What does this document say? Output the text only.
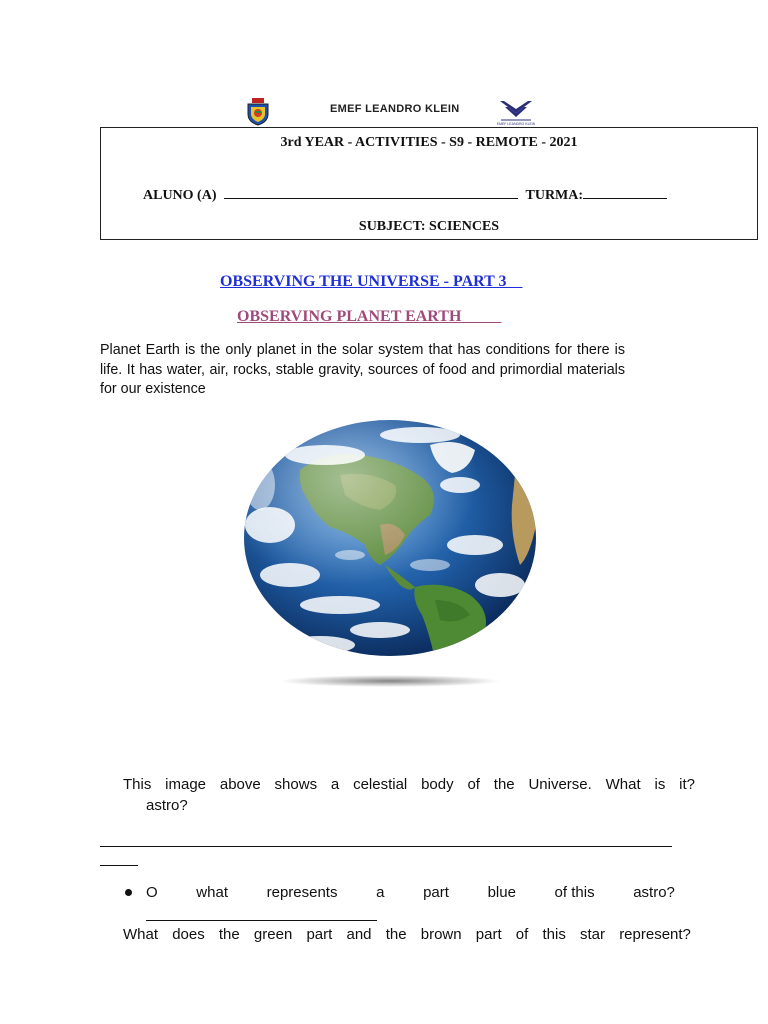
EMEF LEANDRO KLEIN
EMEF LEANDRO KLEIN
3rd YEAR - ACTIVITIES - S9 - REMOTE - 2021
ALUNO (A)	TURMA:
SUBJECT: SCIENCES
OBSERVING THE UNIVERSE - PART 3
OBSERVING PLANET EARTH
Planet Earth is the only planet in the solar system that has conditions for there is life. It has water, air, rocks, stable gravity, sources of food and primordial materials for our existence
This image above shows a celestial body of the Universe. What is it?
astro?
O	what	represents	a	part	blue	of this	astro?
What does the green part and the brown part of this star represent?
